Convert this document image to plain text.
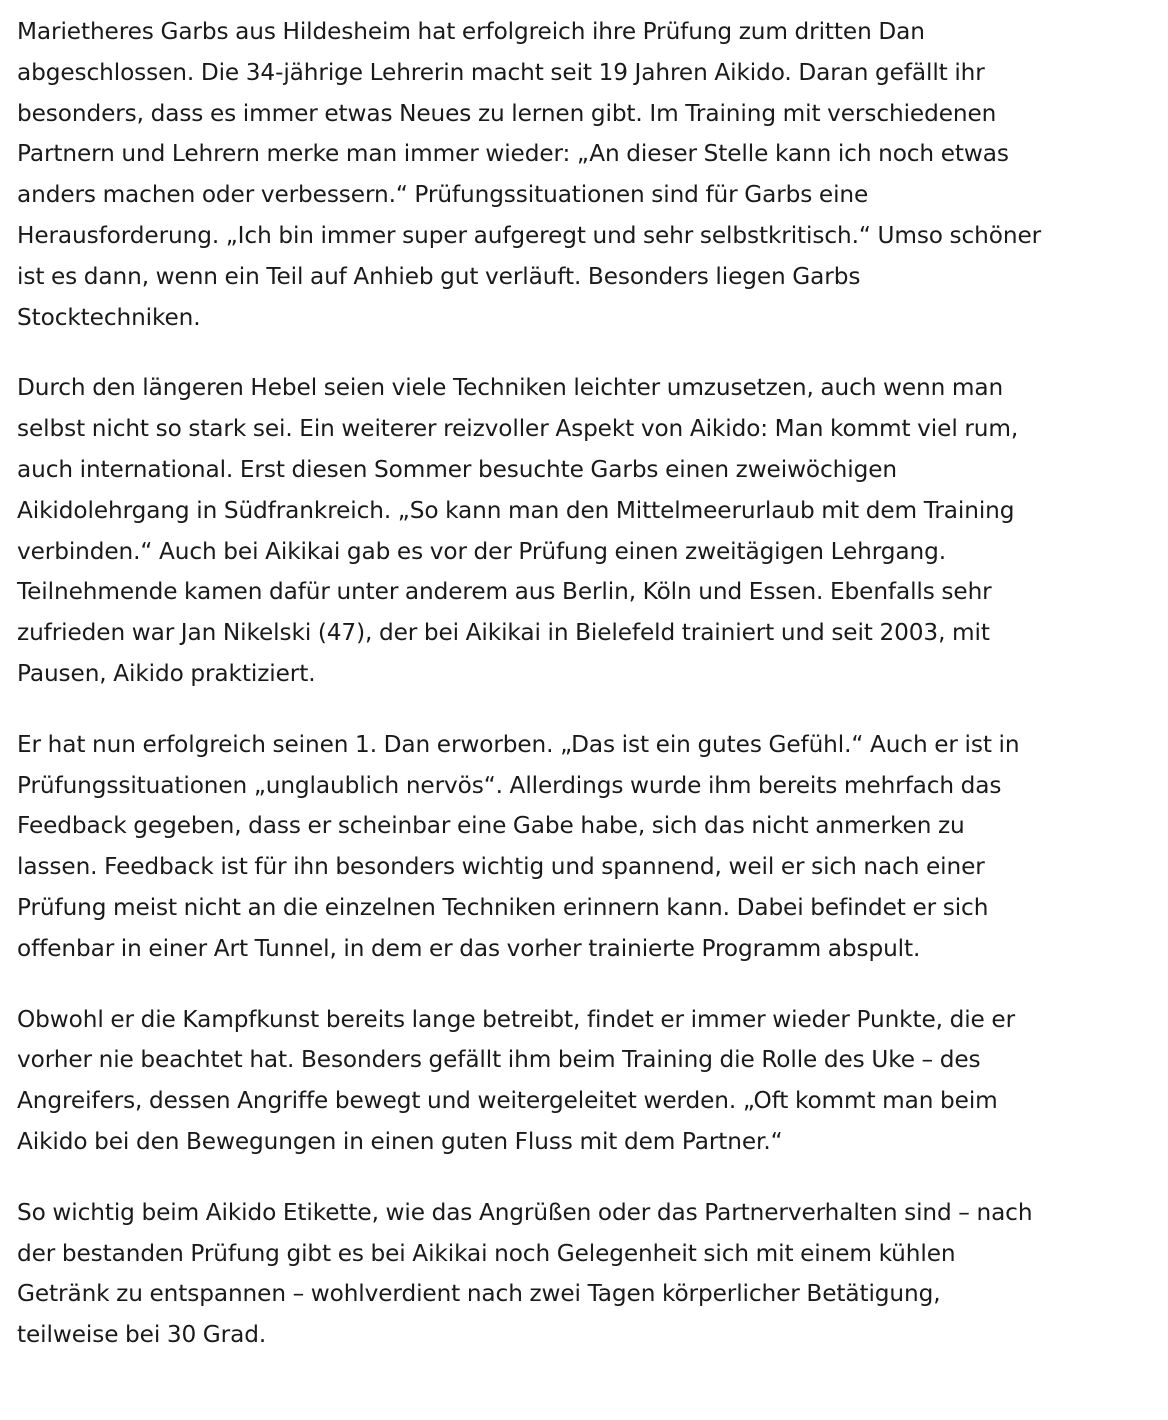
Marietheres Garbs aus Hildesheim hat erfolgreich ihre Prüfung zum dritten Dan
abgeschlossen. Die 34-jährige Lehrerin macht seit 19 Jahren Aikido. Daran gefällt ihr
besonders, dass es immer etwas Neues zu lernen gibt. Im Training mit verschiedenen
Partnern und Lehrern merke man immer wieder: „An dieser Stelle kann ich noch etwas
anders machen oder verbessern.“ Prüfungssituationen sind für Garbs eine
Herausforderung. „Ich bin immer super aufgeregt und sehr selbstkritisch.“ Umso schöner
ist es dann, wenn ein Teil auf Anhieb gut verläuft. Besonders liegen Garbs
Stocktechniken.

Durch den längeren Hebel seien viele Techniken leichter umzusetzen, auch wenn man
selbst nicht so stark sei. Ein weiterer reizvoller Aspekt von Aikido: Man kommt viel rum,
auch international. Erst diesen Sommer besuchte Garbs einen zweiwöchigen
Aikidolehrgang in Südfrankreich. „So kann man den Mittelmeerurlaub mit dem Training
verbinden.“ Auch bei Aikikai gab es vor der Prüfung einen zweitägigen Lehrgang.
Teilnehmende kamen dafür unter anderem aus Berlin, Köln und Essen. Ebenfalls sehr
zufrieden war Jan Nikelski (47), der bei Aikikai in Bielefeld trainiert und seit 2003, mit
Pausen, Aikido praktiziert.

Er hat nun erfolgreich seinen 1. Dan erworben. „Das ist ein gutes Gefühl.“ Auch er ist in
Prüfungssituationen „unglaublich nervös“. Allerdings wurde ihm bereits mehrfach das
Feedback gegeben, dass er scheinbar eine Gabe habe, sich das nicht anmerken zu
lassen. Feedback ist für ihn besonders wichtig und spannend, weil er sich nach einer
Prüfung meist nicht an die einzelnen Techniken erinnern kann. Dabei befindet er sich
offenbar in einer Art Tunnel, in dem er das vorher trainierte Programm abspult.

Obwohl er die Kampfkunst bereits lange betreibt, findet er immer wieder Punkte, die er
vorher nie beachtet hat. Besonders gefällt ihm beim Training die Rolle des Uke – des
Angreifers, dessen Angriffe bewegt und weitergeleitet werden. „Oft kommt man beim
Aikido bei den Bewegungen in einen guten Fluss mit dem Partner.“

So wichtig beim Aikido Etikette, wie das Angrüßen oder das Partnerverhalten sind – nach
der bestanden Prüfung gibt es bei Aikikai noch Gelegenheit sich mit einem kühlen
Getränk zu entspannen – wohlverdient nach zwei Tagen körperlicher Betätigung,
teilweise bei 30 Grad.
